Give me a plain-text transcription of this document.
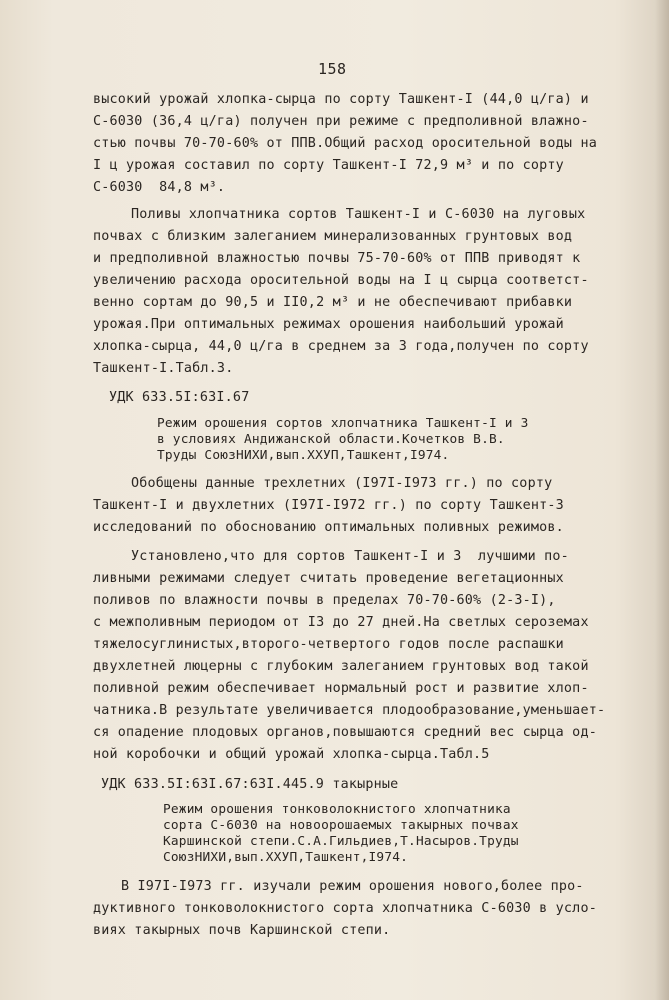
158
высокий урожай хлопка-сырца по сорту Ташкент-I (44,0 ц/га) и
С-6030 (36,4 ц/га) получен при режиме с предполивной влажно-
стью почвы 70-70-60% от ППВ.Общий расход оросительной воды на
I ц урожая составил по сорту Ташкент-I 72,9 м³ и по сорту
С-6030  84,8 м³.
Поливы хлопчатника сортов Ташкент-I и С-6030 на луговых
почвах с близким залеганием минерализованных грунтовых вод
и предполивной влажностью почвы 75-70-60% от ППВ приводят к
увеличению расхода оросительной воды на I ц сырца соответст-
венно сортам до 90,5 и II0,2 м³ и не обеспечивают прибавки
урожая.При оптимальных режимах орошения наибольший урожай
хлопка-сырца, 44,0 ц/га в среднем за 3 года,получен по сорту
Ташкент-I.Табл.3.
УДК 633.5I:63I.67
Режим орошения сортов хлопчатника Ташкент-I и 3
в условиях Андижанской области.Кочетков В.В.
Труды СоюзНИХИ,вып.ХХУП,Ташкент,I974.
Обобщены данные трехлетних (I97I-I973 гг.) по сорту
Ташкент-I и двухлетних (I97I-I972 гг.) по сорту Ташкент-3
исследований по обоснованию оптимальных поливных режимов.
Установлено,что для сортов Ташкент-I и 3  лучшими по-
ливными режимами следует считать проведение вегетационных
поливов по влажности почвы в пределах 70-70-60% (2-3-I),
с межполивным периодом от I3 до 27 дней.На светлых сероземах
тяжелосуглинистых,второго-четвертого годов после распашки
двухлетней люцерны с глубоким залеганием грунтовых вод такой
поливной режим обеспечивает нормальный рост и развитие хлоп-
чатника.В результате увеличивается плодообразование,уменьшает-
ся опадение плодовых органов,повышаются средний вес сырца од-
ной коробочки и общий урожай хлопка-сырца.Табл.5
УДК 633.5I:63I.67:63I.445.9 такырные
Режим орошения тонковолокнистого хлопчатника
сорта С-6030 на новоорошаемых такырных почвах
Каршинской степи.С.А.Гильдиев,Т.Насыров.Труды
СоюзНИХИ,вып.ХХУП,Ташкент,I974.
В I97I-I973 гг. изучали режим орошения нового,более про-
дуктивного тонковолокнистого сорта хлопчатника С-6030 в усло-
виях такырных почв Каршинской степи.
